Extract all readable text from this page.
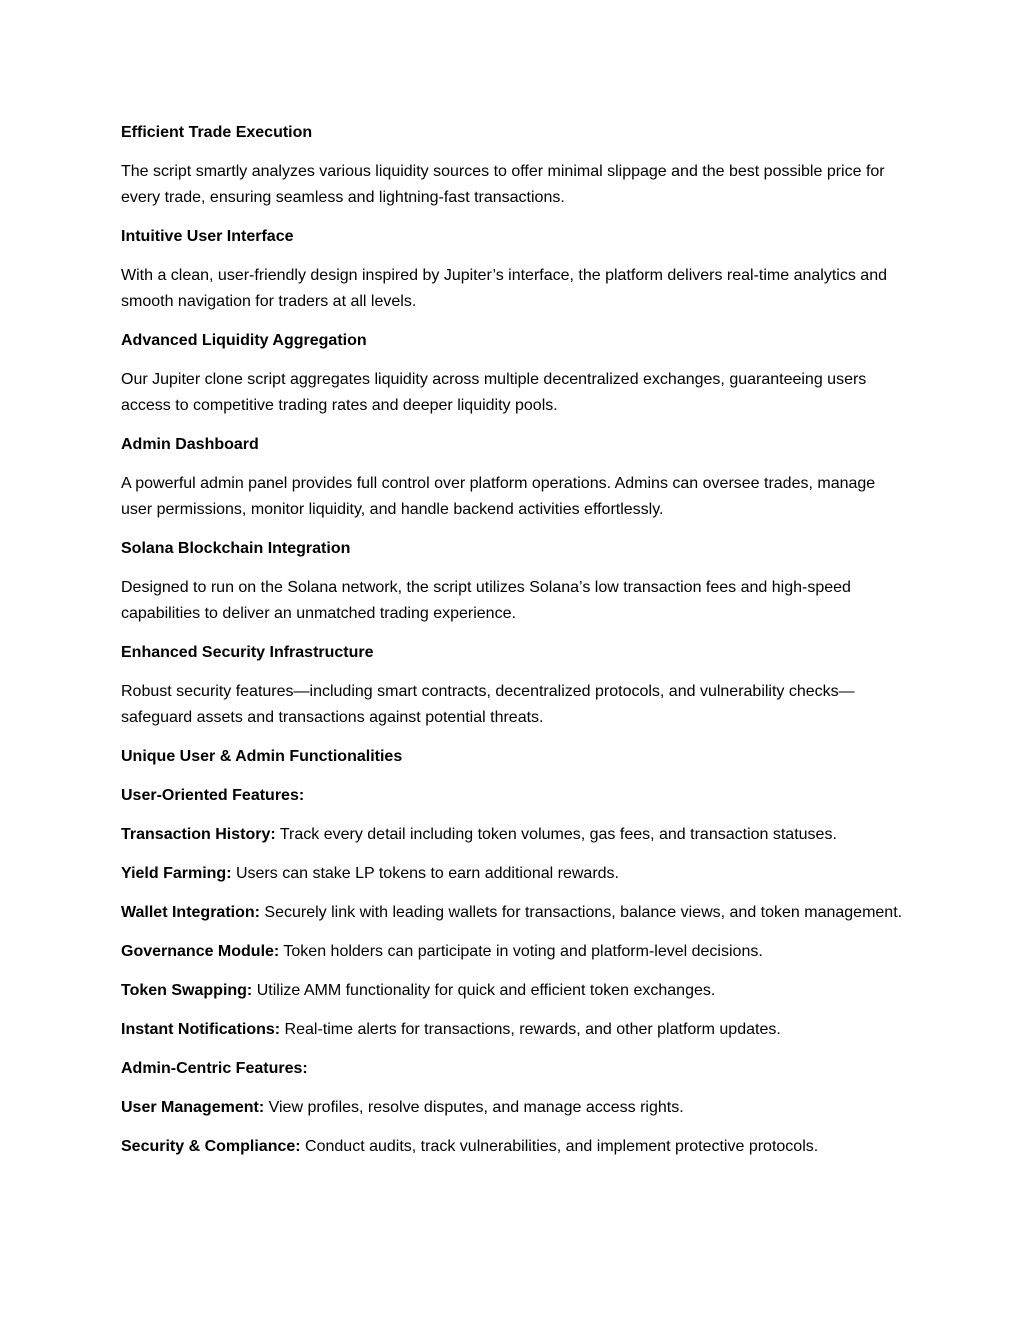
Efficient Trade Execution
The script smartly analyzes various liquidity sources to offer minimal slippage and the best possible price for every trade, ensuring seamless and lightning-fast transactions.
Intuitive User Interface
With a clean, user-friendly design inspired by Jupiter’s interface, the platform delivers real-time analytics and smooth navigation for traders at all levels.
Advanced Liquidity Aggregation
Our Jupiter clone script aggregates liquidity across multiple decentralized exchanges, guaranteeing users access to competitive trading rates and deeper liquidity pools.
Admin Dashboard
A powerful admin panel provides full control over platform operations. Admins can oversee trades, manage user permissions, monitor liquidity, and handle backend activities effortlessly.
Solana Blockchain Integration
Designed to run on the Solana network, the script utilizes Solana’s low transaction fees and high-speed capabilities to deliver an unmatched trading experience.
Enhanced Security Infrastructure
Robust security features—including smart contracts, decentralized protocols, and vulnerability checks—safeguard assets and transactions against potential threats.
Unique User & Admin Functionalities
User-Oriented Features:
Transaction History: Track every detail including token volumes, gas fees, and transaction statuses.
Yield Farming: Users can stake LP tokens to earn additional rewards.
Wallet Integration: Securely link with leading wallets for transactions, balance views, and token management.
Governance Module: Token holders can participate in voting and platform-level decisions.
Token Swapping: Utilize AMM functionality for quick and efficient token exchanges.
Instant Notifications: Real-time alerts for transactions, rewards, and other platform updates.
Admin-Centric Features:
User Management: View profiles, resolve disputes, and manage access rights.
Security & Compliance: Conduct audits, track vulnerabilities, and implement protective protocols.
